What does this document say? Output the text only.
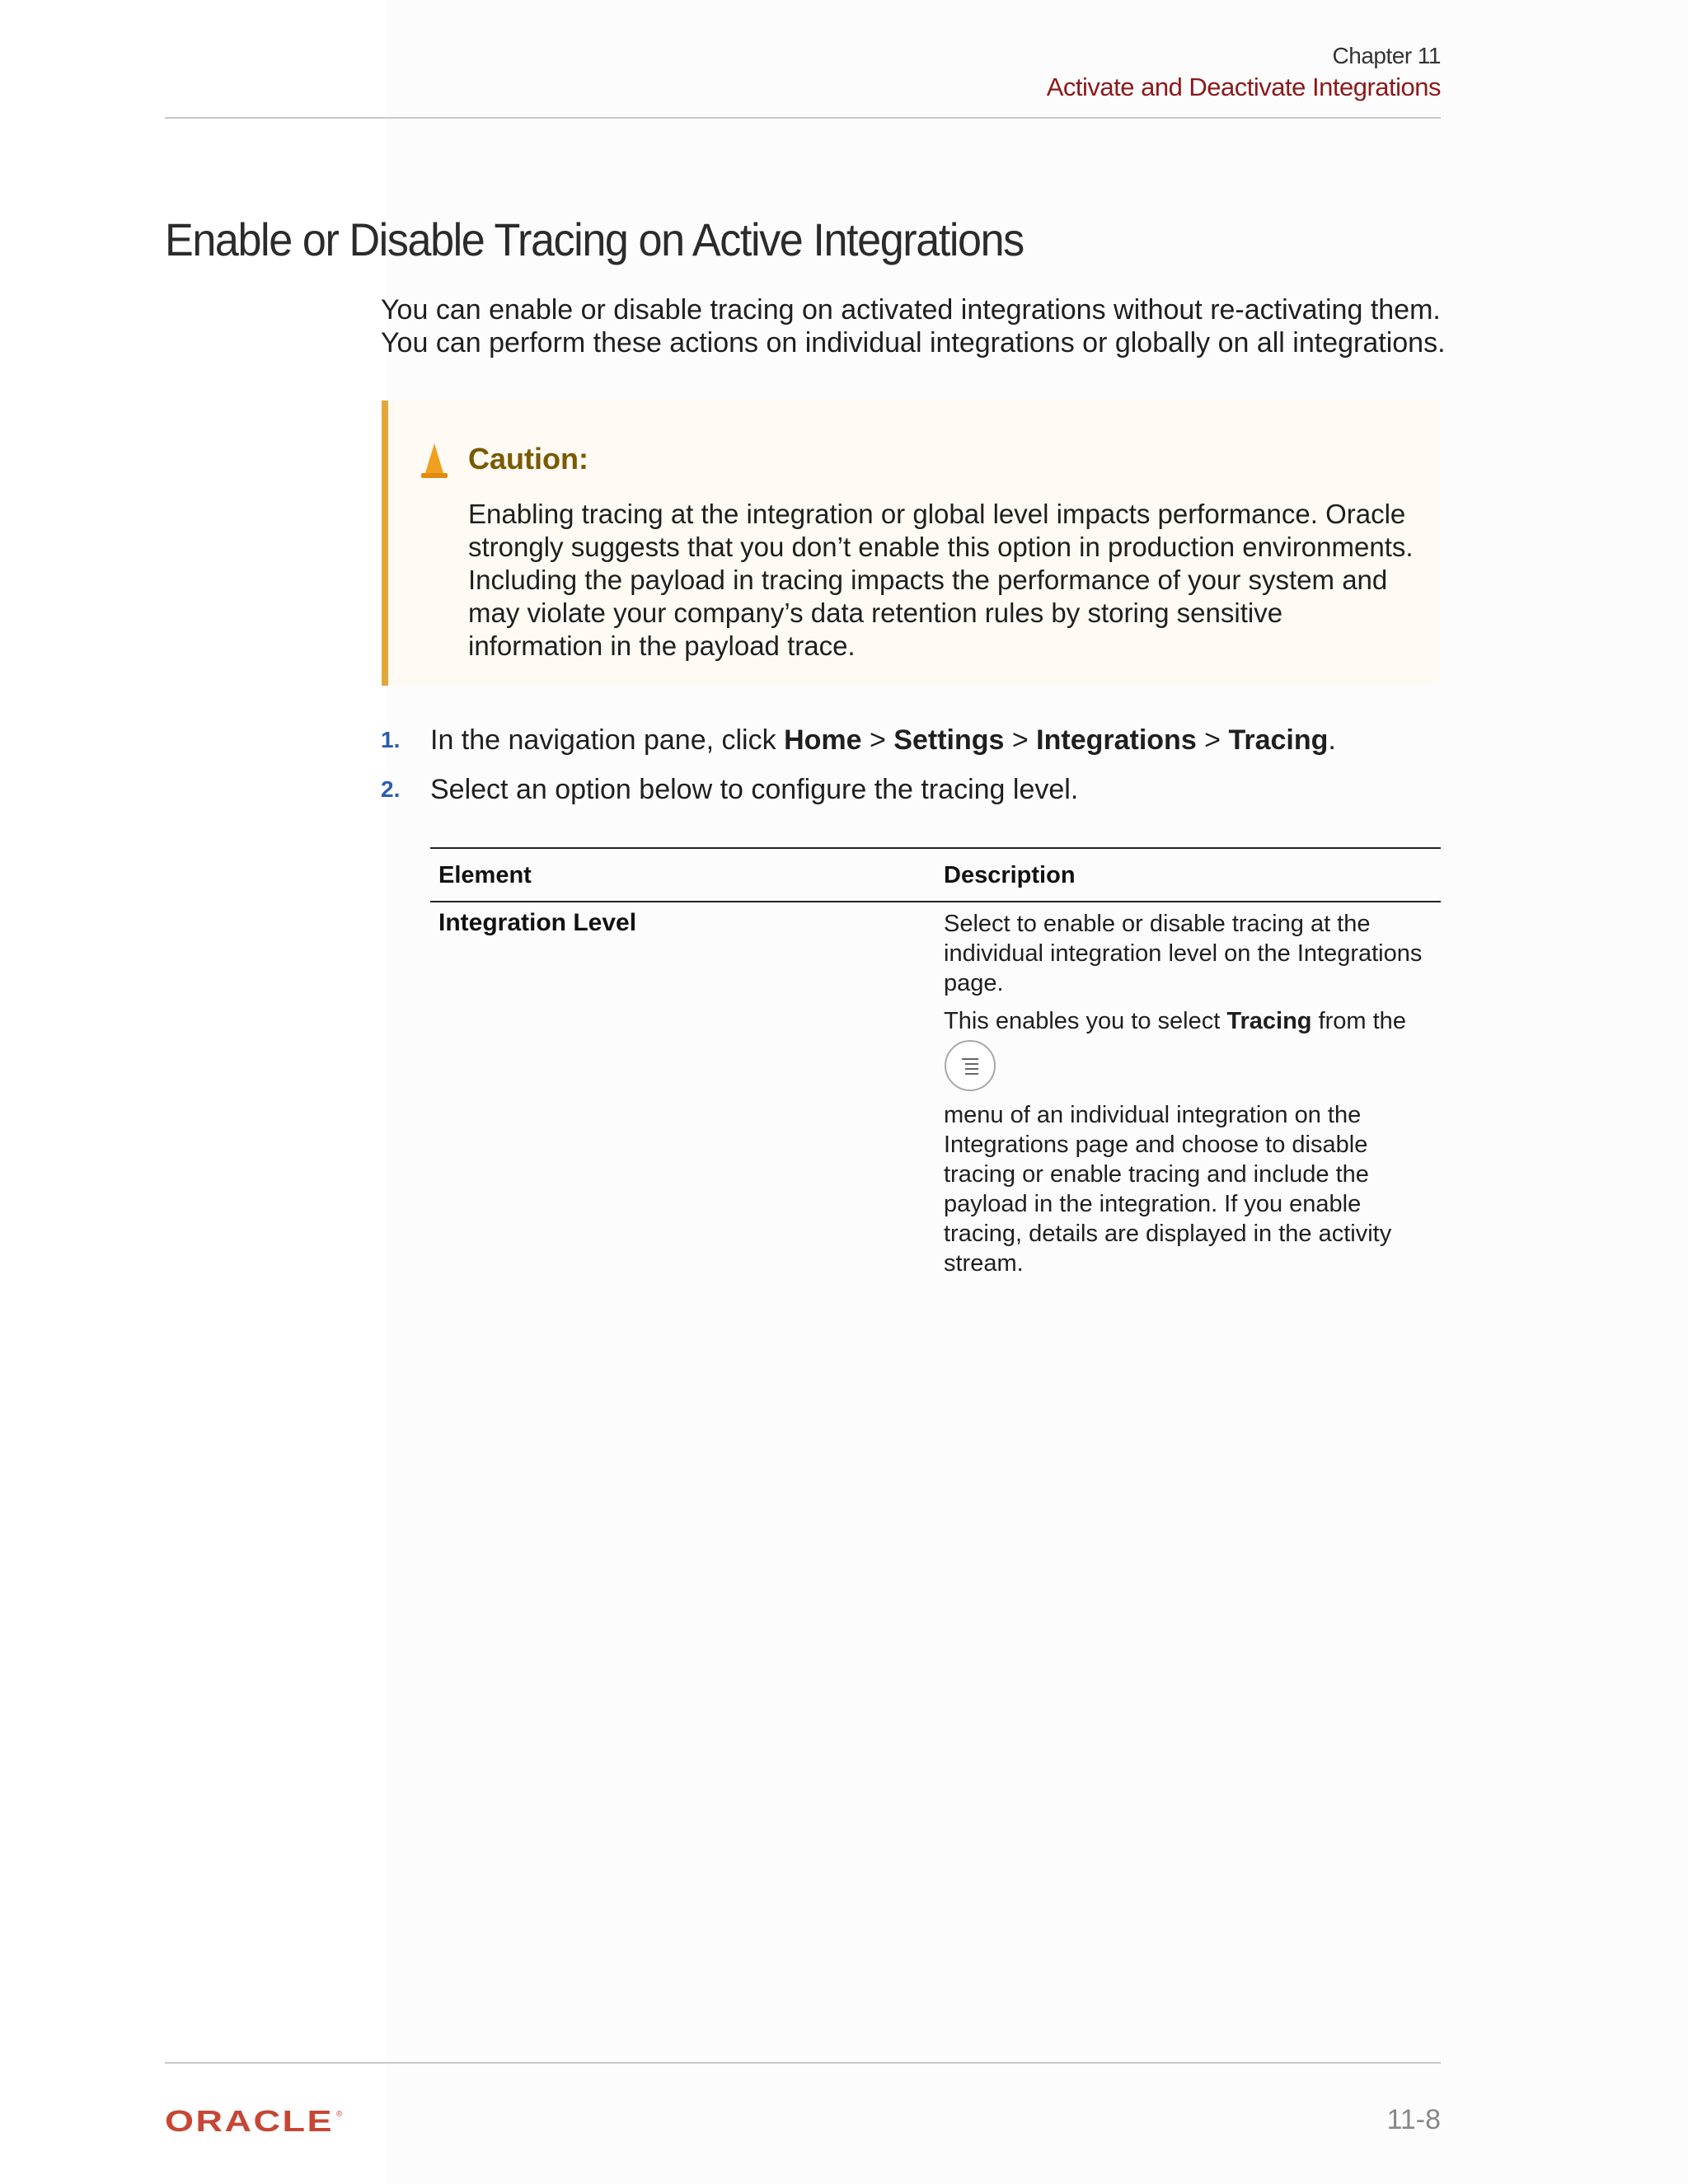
Chapter 11
Activate and Deactivate Integrations
Enable or Disable Tracing on Active Integrations

You can enable or disable tracing on activated integrations without re-activating them.

You can perform these actions on individual integrations or globally on all integrations.

Caution:
Enabling tracing at the integration or global level impacts performance. Oracle strongly suggests that you don’t enable this option in production environments. Including the payload in tracing impacts the performance of your system and may violate your company’s data retention rules by storing sensitive information in the payload trace.
1. In the navigation pane, click Home > Settings > Integrations > Tracing.
2. Select an option below to configure the tracing level.
Element	Description
Integration Level	Select to enable or disable tracing at the individual integration level on the Integrations page.

This enables you to select Tracing from the

menu of an individual integration on the Integrations page and choose to disable tracing or enable tracing and include the payload in the integration. If you enable tracing, details are displayed in the activity stream.

ORACLE ®	11-8
